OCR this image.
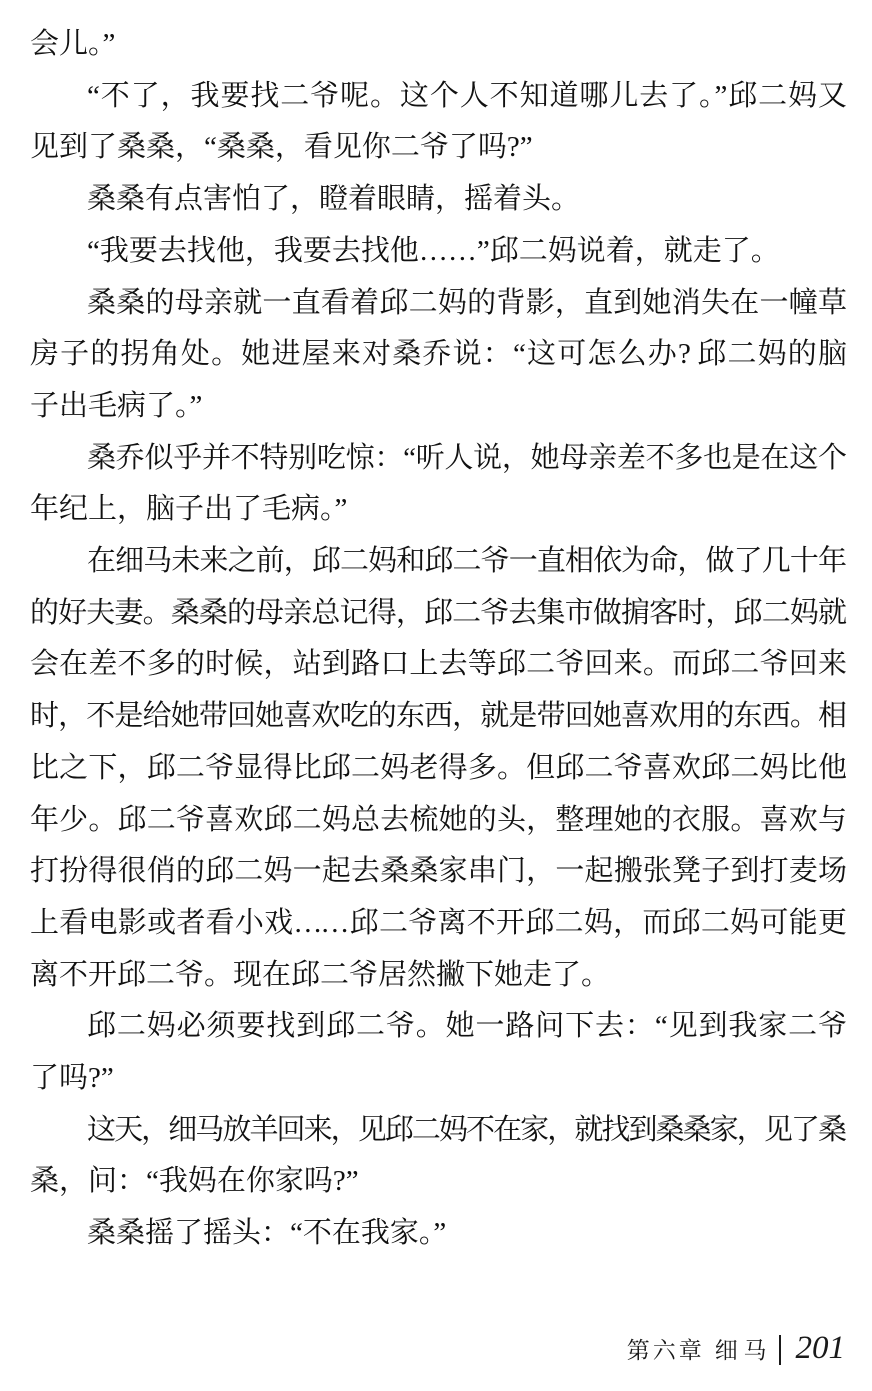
会儿。”
“不了，我要找二爷呢。这个人不知道哪儿去了。”邱二妈又
见到了桑桑，“桑桑，看见你二爷了吗?”
桑桑有点害怕了，瞪着眼睛，摇着头。
“我要去找他，我要去找他……”邱二妈说着，就走了。
桑桑的母亲就一直看着邱二妈的背影，直到她消失在一幢草
房子的拐角处。她进屋来对桑乔说：“这可怎么办? 邱二妈的脑
子出毛病了。”
桑乔似乎并不特别吃惊：“听人说，她母亲差不多也是在这个
年纪上，脑子出了毛病。”
在细马未来之前，邱二妈和邱二爷一直相依为命，做了几十年
的好夫妻。桑桑的母亲总记得，邱二爷去集市做掮客时，邱二妈就
会在差不多的时候，站到路口上去等邱二爷回来。而邱二爷回来
时，不是给她带回她喜欢吃的东西，就是带回她喜欢用的东西。相
比之下，邱二爷显得比邱二妈老得多。但邱二爷喜欢邱二妈比他
年少。邱二爷喜欢邱二妈总去梳她的头，整理她的衣服。喜欢与
打扮得很俏的邱二妈一起去桑桑家串门，一起搬张凳子到打麦场
上看电影或者看小戏……邱二爷离不开邱二妈，而邱二妈可能更
离不开邱二爷。现在邱二爷居然撇下她走了。
邱二妈必须要找到邱二爷。她一路问下去：“见到我家二爷
了吗?”
这天，细马放羊回来，见邱二妈不在家，就找到桑桑家，见了桑
桑，问：“我妈在你家吗?”
桑桑摇了摇头：“不在我家。”
第六章 细 马 201
